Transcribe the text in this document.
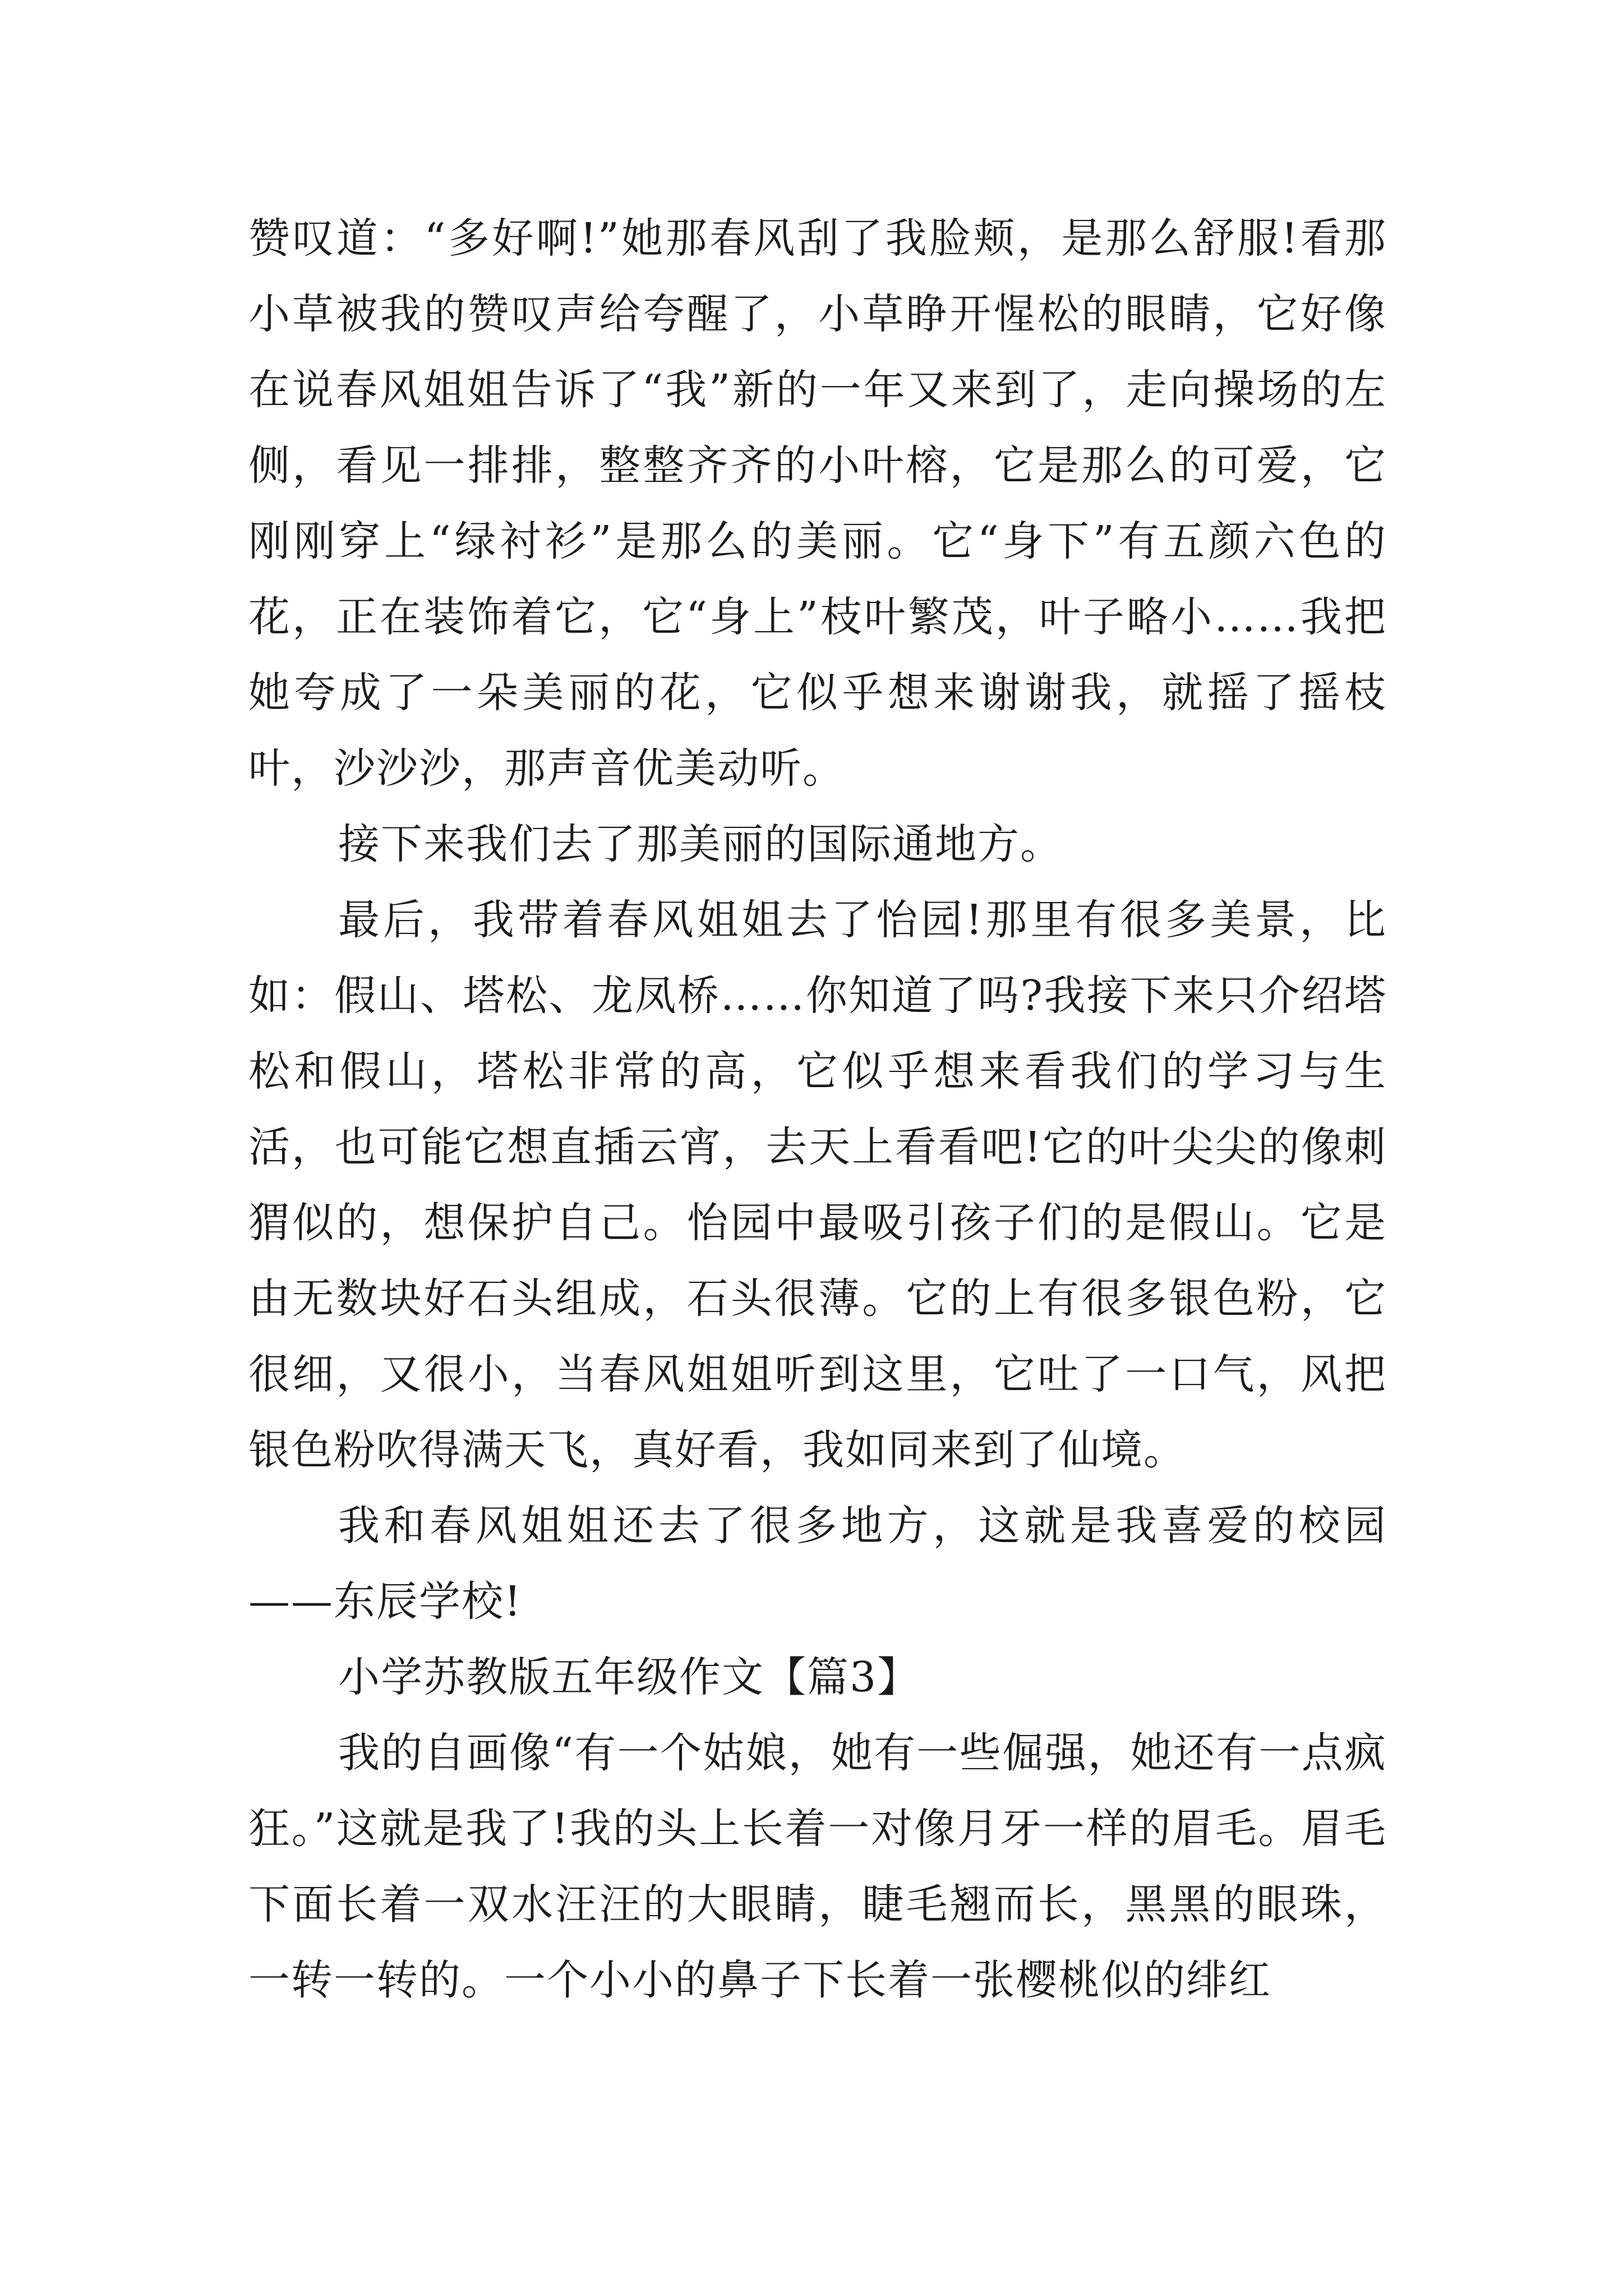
赞叹道：“多好啊!”她那春风刮了我脸颊，是那么舒服!看那小草被我的赞叹声给夸醒了，小草睁开惺松的眼睛，它好像在说春风姐姐告诉了“我”新的一年又来到了，走向操场的左侧，看见一排排，整整齐齐的小叶榕，它是那么的可爱，它刚刚穿上“绿衬衫”是那么的美丽。它“身下”有五颜六色的花，正在装饰着它，它“身上”枝叶繁茂，叶子略小……我把她夸成了一朵美丽的花，它似乎想来谢谢我，就摇了摇枝叶，沙沙沙，那声音优美动听。

接下来我们去了那美丽的国际通地方。

最后，我带着春风姐姐去了怡园!那里有很多美景，比如：假山、塔松、龙凤桥……你知道了吗?我接下来只介绍塔松和假山，塔松非常的高，它似乎想来看我们的学习与生活，也可能它想直插云宵，去天上看看吧!它的叶尖尖的像刺猬似的，想保护自己。怡园中最吸引孩子们的是假山。它是由无数块好石头组成，石头很薄。它的上有很多银色粉，它很细，又很小，当春风姐姐听到这里，它吐了一口气，风把银色粉吹得满天飞，真好看，我如同来到了仙境。

我和春风姐姐还去了很多地方，这就是我喜爱的校园——东辰学校!

小学苏教版五年级作文【篇3】

我的自画像“有一个姑娘，她有一些倔强，她还有一点疯狂。”这就是我了!我的头上长着一对像月牙一样的眉毛。眉毛下面长着一双水汪汪的大眼睛，睫毛翘而长，黑黑的眼珠，一转一转的。一个小小的鼻子下长着一张樱桃似的绯红
